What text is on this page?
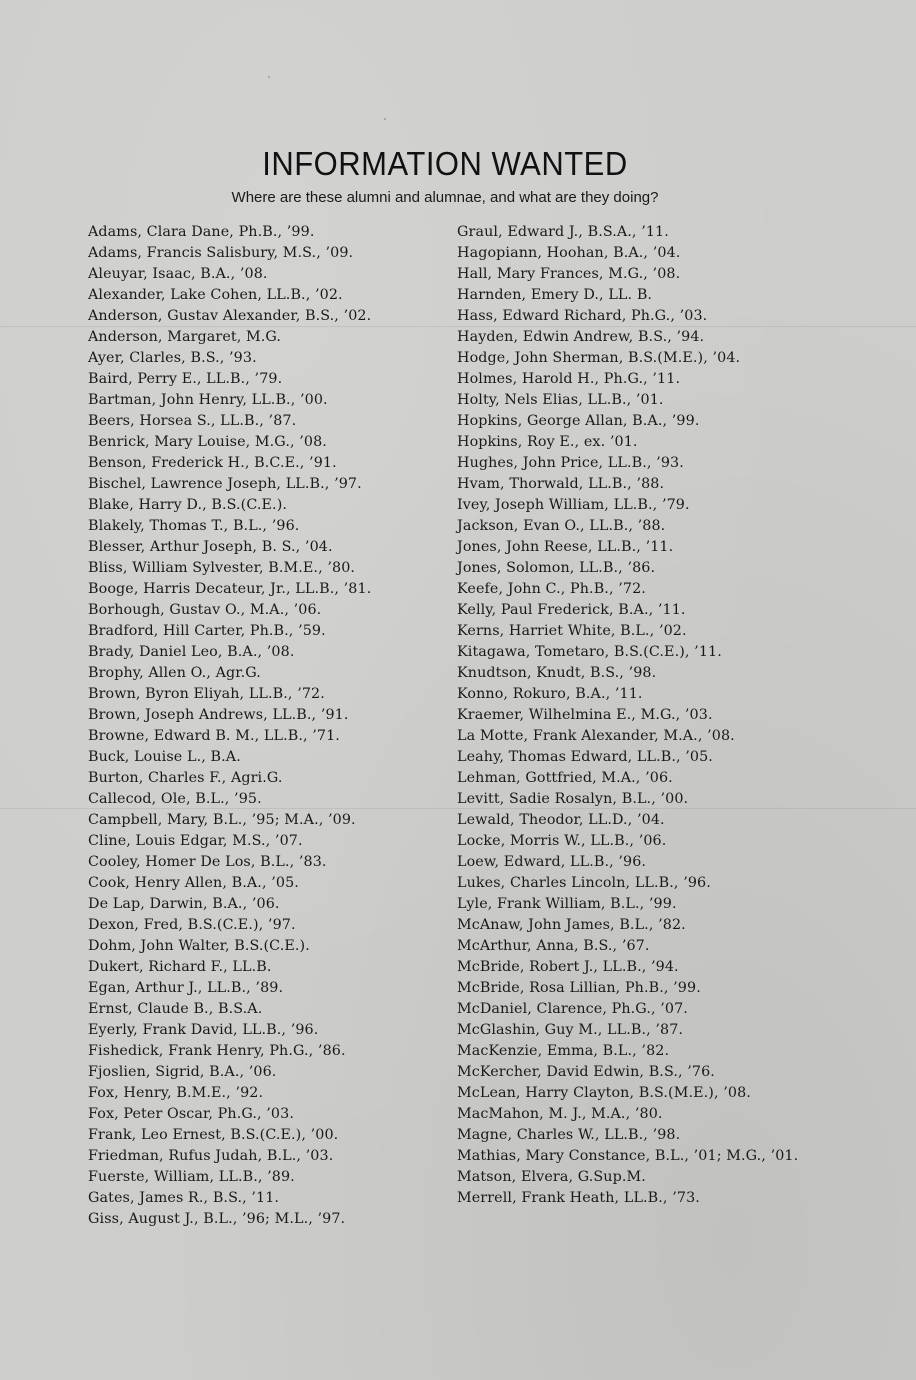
INFORMATION WANTED
Where are these alumni and alumnae, and what are they doing?
Adams, Clara Dane, Ph.B., ’99.
Adams, Francis Salisbury, M.S., ’09.
Aleuyar, Isaac, B.A., ’08.
Alexander, Lake Cohen, LL.B., ’02.
Anderson, Gustav Alexander, B.S., ’02.
Anderson, Margaret, M.G.
Ayer, Clarles, B.S., ’93.
Baird, Perry E., LL.B., ’79.
Bartman, John Henry, LL.B., ’00.
Beers, Horsea S., LL.B., ’87.
Benrick, Mary Louise, M.G., ’08.
Benson, Frederick H., B.C.E., ’91.
Bischel, Lawrence Joseph, LL.B., ’97.
Blake, Harry D., B.S.(C.E.).
Blakely, Thomas T., B.L., ’96.
Blesser, Arthur Joseph, B. S., ’04.
Bliss, William Sylvester, B.M.E., ’80.
Booge, Harris Decateur, Jr., LL.B., ’81.
Borhough, Gustav O., M.A., ’06.
Bradford, Hill Carter, Ph.B., ’59.
Brady, Daniel Leo, B.A., ’08.
Brophy, Allen O., Agr.G.
Brown, Byron Eliyah, LL.B., ’72.
Brown, Joseph Andrews, LL.B., ’91.
Browne, Edward B. M., LL.B., ’71.
Buck, Louise L., B.A.
Burton, Charles F., Agri.G.
Callecod, Ole, B.L., ’95.
Campbell, Mary, B.L., ’95; M.A., ’09.
Cline, Louis Edgar, M.S., ’07.
Cooley, Homer De Los, B.L., ’83.
Cook, Henry Allen, B.A., ’05.
De Lap, Darwin, B.A., ’06.
Dexon, Fred, B.S.(C.E.), ’97.
Dohm, John Walter, B.S.(C.E.).
Dukert, Richard F., LL.B.
Egan, Arthur J., LL.B., ’89.
Ernst, Claude B., B.S.A.
Eyerly, Frank David, LL.B., ’96.
Fishedick, Frank Henry, Ph.G., ’86.
Fjoslien, Sigrid, B.A., ’06.
Fox, Henry, B.M.E., ’92.
Fox, Peter Oscar, Ph.G., ’03.
Frank, Leo Ernest, B.S.(C.E.), ’00.
Friedman, Rufus Judah, B.L., ’03.
Fuerste, William, LL.B., ’89.
Gates, James R., B.S., ’11.
Giss, August J., B.L., ’96; M.L., ’97.
Graul, Edward J., B.S.A., ’11.
Hagopiann, Hoohan, B.A., ’04.
Hall, Mary Frances, M.G., ’08.
Harnden, Emery D., LL. B.
Hass, Edward Richard, Ph.G., ’03.
Hayden, Edwin Andrew, B.S., ’94.
Hodge, John Sherman, B.S.(M.E.), ’04.
Holmes, Harold H., Ph.G., ’11.
Holty, Nels Elias, LL.B., ’01.
Hopkins, George Allan, B.A., ’99.
Hopkins, Roy E., ex. ’01.
Hughes, John Price, LL.B., ’93.
Hvam, Thorwald, LL.B., ’88.
Ivey, Joseph William, LL.B., ’79.
Jackson, Evan O., LL.B., ’88.
Jones, John Reese, LL.B., ’11.
Jones, Solomon, LL.B., ’86.
Keefe, John C., Ph.B., ’72.
Kelly, Paul Frederick, B.A., ’11.
Kerns, Harriet White, B.L., ’02.
Kitagawa, Tometaro, B.S.(C.E.), ’11.
Knudtson, Knudt, B.S., ’98.
Konno, Rokuro, B.A., ’11.
Kraemer, Wilhelmina E., M.G., ’03.
La Motte, Frank Alexander, M.A., ’08.
Leahy, Thomas Edward, LL.B., ’05.
Lehman, Gottfried, M.A., ’06.
Levitt, Sadie Rosalyn, B.L., ’00.
Lewald, Theodor, LL.D., ’04.
Locke, Morris W., LL.B., ’06.
Loew, Edward, LL.B., ’96.
Lukes, Charles Lincoln, LL.B., ’96.
Lyle, Frank William, B.L., ’99.
McAnaw, John James, B.L., ’82.
McArthur, Anna, B.S., ’67.
McBride, Robert J., LL.B., ’94.
McBride, Rosa Lillian, Ph.B., ’99.
McDaniel, Clarence, Ph.G., ’07.
McGlashin, Guy M., LL.B., ’87.
MacKenzie, Emma, B.L., ’82.
McKercher, David Edwin, B.S., ’76.
McLean, Harry Clayton, B.S.(M.E.), ’08.
MacMahon, M. J., M.A., ’80.
Magne, Charles W., LL.B., ’98.
Mathias, Mary Constance, B.L., ’01; M.G., ’01.
Matson, Elvera, G.Sup.M.
Merrell, Frank Heath, LL.B., ’73.
